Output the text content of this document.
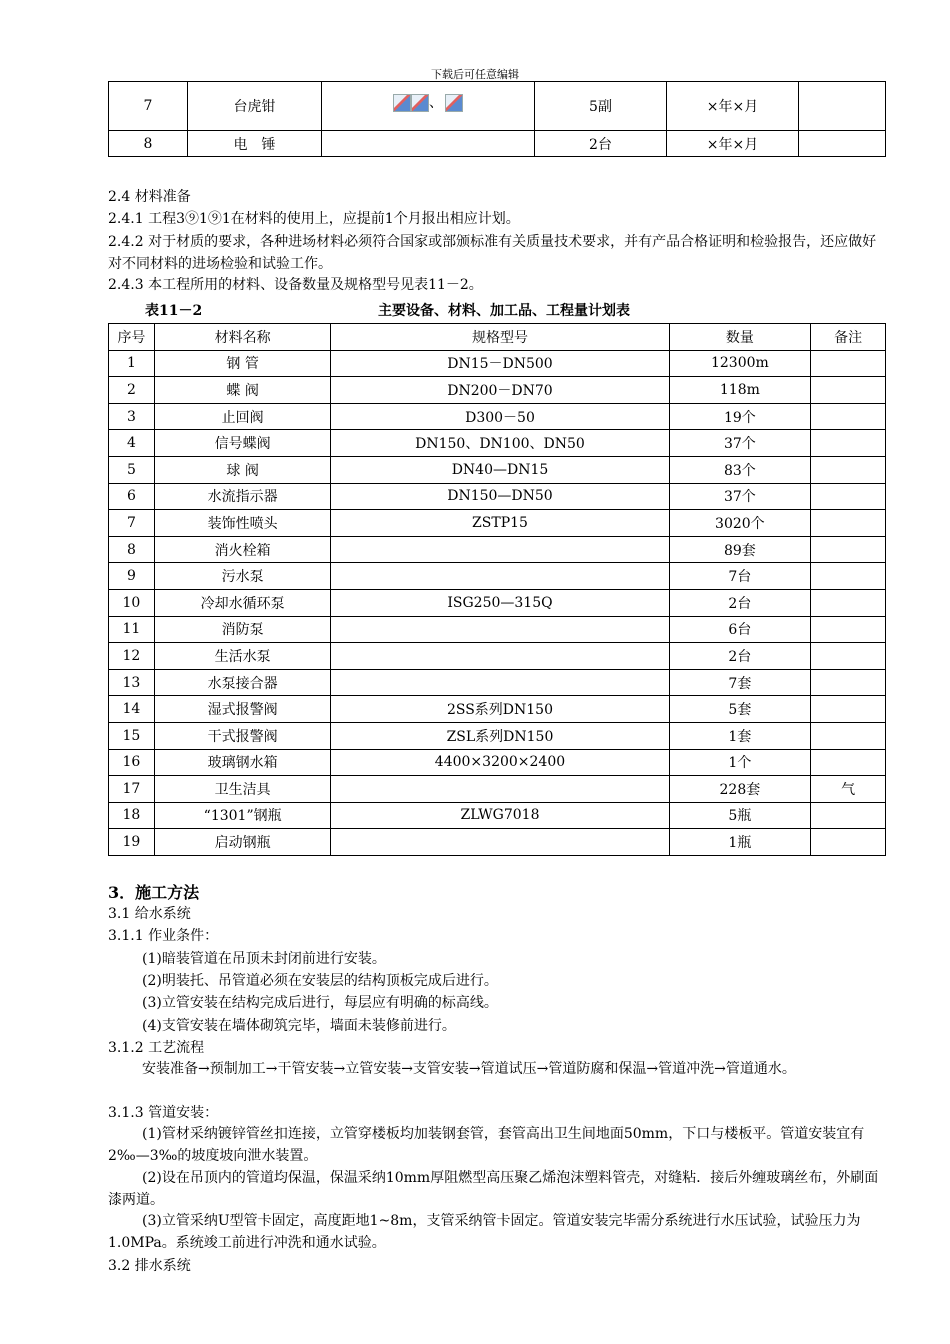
下载后可任意编辑
7	台虎钳	、	5副	×年×月	
8	电　锤		2台	×年×月	
2.4 材料准备
2.4.1 工程3⑨1⑨1在材料的使用上，应提前1个月报出相应计划。
2.4.2 对于材质的要求，各种进场材料必须符合国家或部颁标准有关质量技术要求，并有产品合格证明和检验报告，还应做好对不同材料的进场检验和试验工作。
2.4.3 本工程所用的材料、设备数量及规格型号见表11－2。
表11－2	主要设备、材料、加工品、工程量计划表
序号	材料名称	规格型号	数量	备注
1	钢 管	DN15－DN500	12300m	
2	蝶 阀	DN200－DN70	118m	
3	止回阀	D300－50	19个	
4	信号蝶阀	DN150、DN100、DN50	37个	
5	球 阀	DN40—DN15	83个	
6	水流指示器	DN150—DN50	37个	
7	装饰性喷头	ZSTP15	3020个	
8	消火栓箱		89套	
9	污水泵		7台	
10	冷却水循环泵	ISG250—315Q	2台	
11	消防泵		6台	
12	生活水泵		2台	
13	水泵接合器		7套	
14	湿式报警阀	2SS系列DN150	5套	
15	干式报警阀	ZSL系列DN150	1套	
16	玻璃钢水箱	4400×3200×2400	1个	
17	卫生洁具		228套	气
18	“1301”钢瓶	ZLWG7018	5瓶	
19	启动钢瓶		1瓶	
3．施工方法
3.1 给水系统
3.1.1 作业条件：
(1)暗装管道在吊顶未封闭前进行安装。
(2)明装托、吊管道必须在安装层的结构顶板完成后进行。
(3)立管安装在结构完成后进行，每层应有明确的标高线。
(4)支管安装在墙体砌筑完毕，墙面未装修前进行。
3.1.2 工艺流程
安装准备→预制加工→干管安装→立管安装→支管安装→管道试压→管道防腐和保温→管道冲洗→管道通水。
3.1.3 管道安装：
(1)管材采纳镀锌管丝扣连接，立管穿楼板均加装钢套管，套管高出卫生间地面50mm，下口与楼板平。管道安装宜有2‰—3‰的坡度坡向泄水装置。
(2)设在吊顶内的管道均保温，保温采纳10mm厚阻燃型高压聚乙烯泡沫塑料管壳，对缝粘．接后外缠玻璃丝布，外刷面漆两道。
(3)立管采纳U型管卡固定，高度距地1~8m，支管采纳管卡固定。管道安装完毕需分系统进行水压试验，试验压力为1.0MPa。系统竣工前进行冲洗和通水试验。
3.2 排水系统
